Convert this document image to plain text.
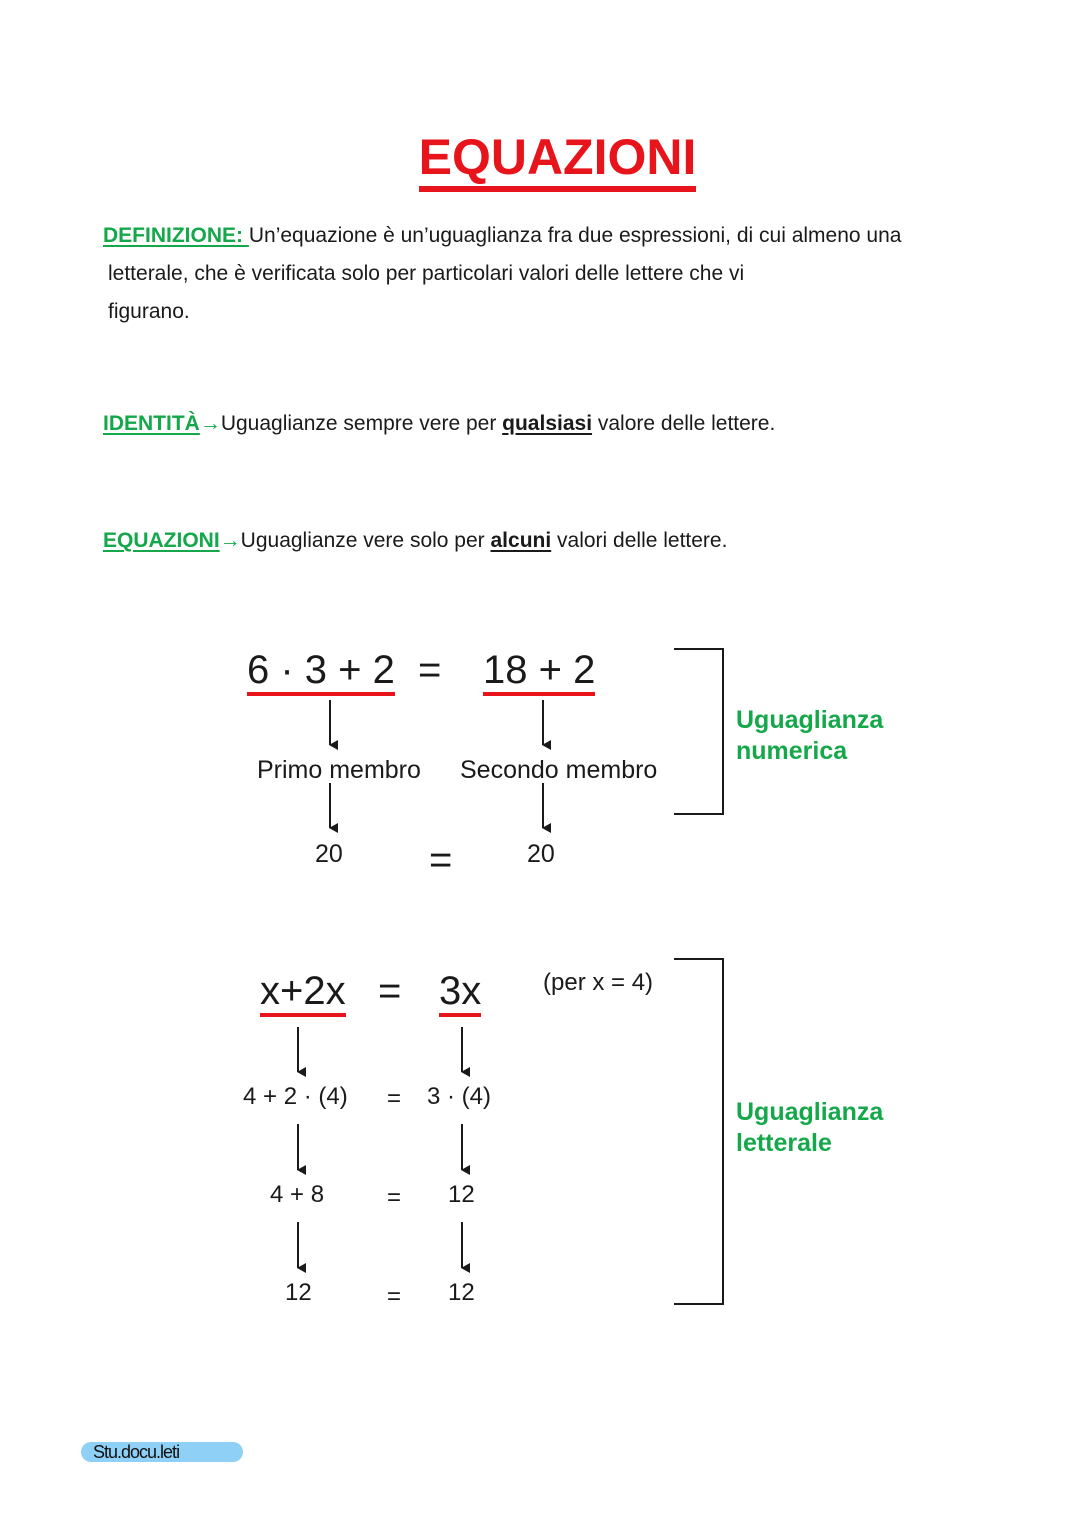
EQUAZIONI
DEFINIZIONE: Un’equazione è un’uguaglianza fra due espressioni, di cui almeno una
letterale, che è verificata solo per particolari valori delle lettere che vi
figurano.
IDENTITÀ→Uguaglianze sempre vere per qualsiasi valore delle lettere.
EQUAZIONI→Uguaglianze vere solo per alcuni valori delle lettere.
6 · 3 + 2 = 18 + 2
Primo membro Secondo membro
20 =	20
Uguaglianza numerica
x+2x = 3x	(per x = 4)
4 + 2 · (4) = 3 · (4)
4 + 8	= 12
12	= 12
Uguaglianza letterale
Stu.docu.leti
